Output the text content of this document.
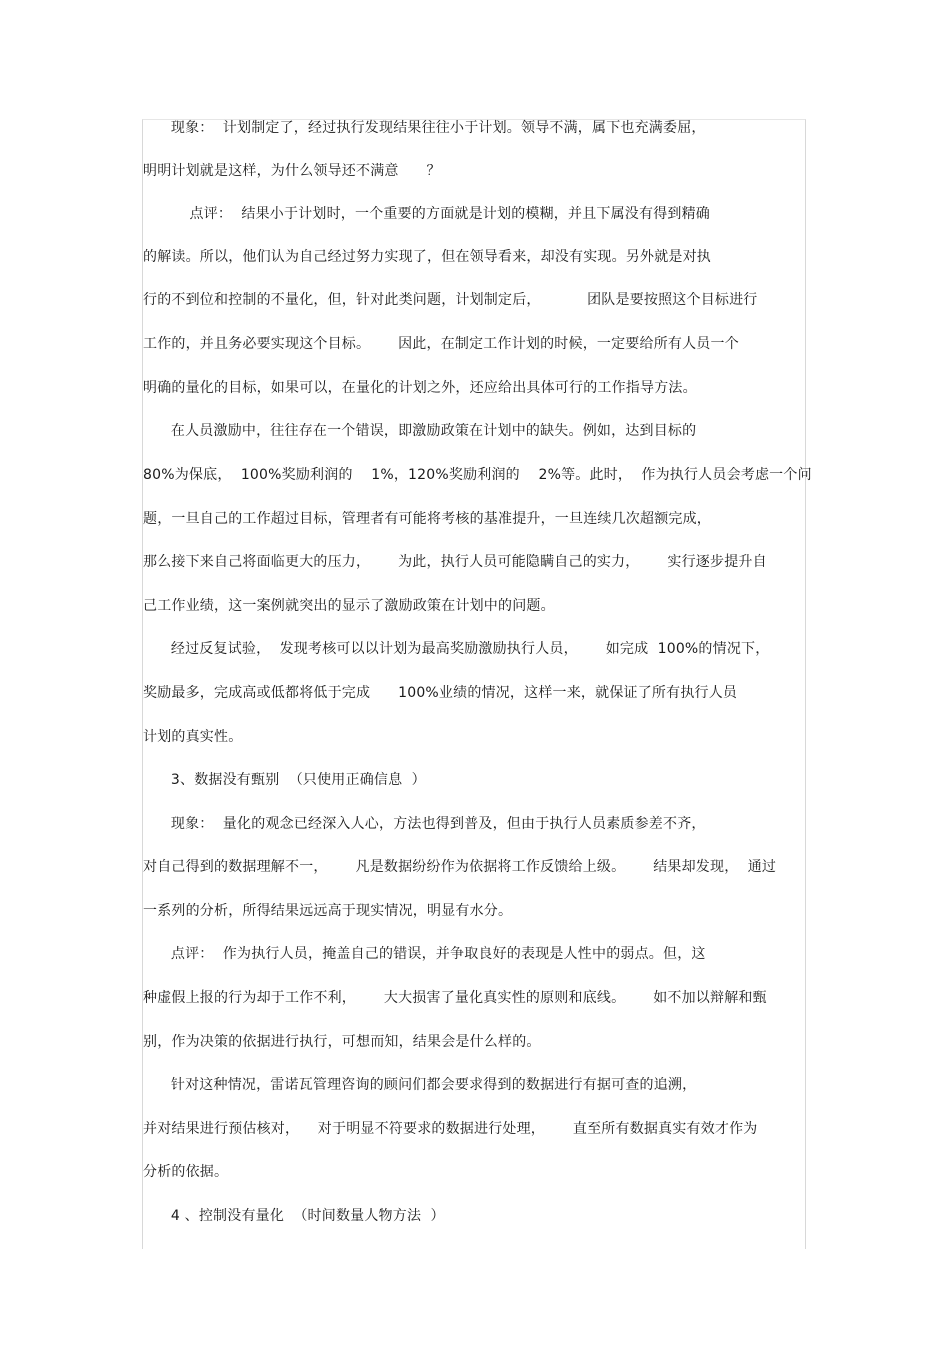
现象：  计划制定了，经过执行发现结果往往小于计划。领导不满，属下也充满委屈，
明明计划就是这样，为什么领导还不满意      ？
点评：  结果小于计划时，一个重要的方面就是计划的模糊，并且下属没有得到精确
的解读。所以，他们认为自己经过努力实现了，但在领导看来，却没有实现。另外就是对执
行的不到位和控制的不量化，但，针对此类问题，计划制定后，          团队是要按照这个目标进行
工作的，并且务必要实现这个目标。      因此，在制定工作计划的时候，一定要给所有人员一个
明确的量化的目标，如果可以，在量化的计划之外，还应给出具体可行的工作指导方法。
在人员激励中，往往存在一个错误，即激励政策在计划中的缺失。例如，达到目标的
80%为保底，  100%奖励利润的    1%，120%奖励利润的    2%等。此时，  作为执行人员会考虑一个问
题，一旦自己的工作超过目标，管理者有可能将考核的基准提升，一旦连续几次超额完成，
那么接下来自己将面临更大的压力，      为此，执行人员可能隐瞒自己的实力，      实行逐步提升自
己工作业绩，这一案例就突出的显示了激励政策在计划中的问题。
经过反复试验，  发现考核可以以计划为最高奖励激励执行人员，      如完成  100%的情况下，
奖励最多，完成高或低都将低于完成      100%业绩的情况，这样一来，就保证了所有执行人员
计划的真实性。
3、数据没有甄别  （只使用正确信息  ）
现象：  量化的观念已经深入人心，方法也得到普及，但由于执行人员素质参差不齐，
对自己得到的数据理解不一，      凡是数据纷纷作为依据将工作反馈给上级。      结果却发现，  通过
一系列的分析，所得结果远远高于现实情况，明显有水分。
点评：  作为执行人员，掩盖自己的错误，并争取良好的表现是人性中的弱点。但，这
种虚假上报的行为却于工作不利，      大大损害了量化真实性的原则和底线。      如不加以辩解和甄
别，作为决策的依据进行执行，可想而知，结果会是什么样的。
针对这种情况，雷诺瓦管理咨询的顾问们都会要求得到的数据进行有据可查的追溯，
并对结果进行预估核对，    对于明显不符要求的数据进行处理，      直至所有数据真实有效才作为
分析的依据。
4 、控制没有量化  （时间数量人物方法  ）
